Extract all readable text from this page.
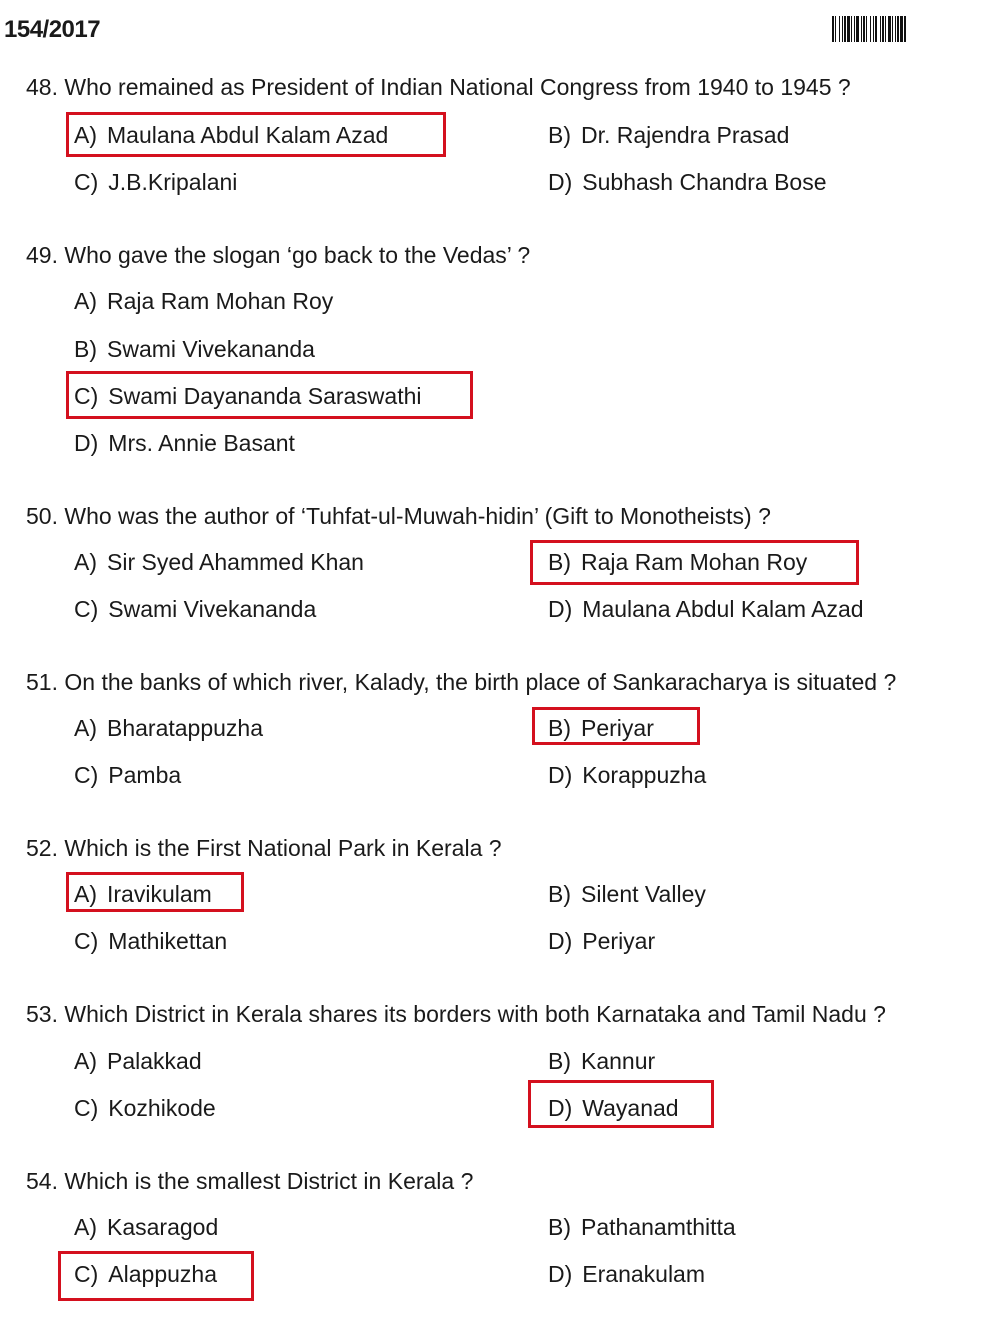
154/2017
48. Who remained as President of Indian National Congress from 1940 to 1945 ?
A) Maulana Abdul Kalam Azad	B) Dr. Rajendra Prasad
C) J.B.Kripalani	D) Subhash Chandra Bose
49. Who gave the slogan ‘go back to the Vedas’ ?
A) Raja Ram Mohan Roy
B) Swami Vivekananda
C) Swami Dayananda Saraswathi
D) Mrs. Annie Basant
50. Who was the author of ‘Tuhfat-ul-Muwah-hidin’ (Gift to Monotheists) ?
A) Sir Syed Ahammed Khan	B) Raja Ram Mohan Roy
C) Swami Vivekananda	D) Maulana Abdul Kalam Azad
51. On the banks of which river, Kalady, the birth place of Sankaracharya is situated ?
A) Bharatappuzha	B) Periyar
C) Pamba	D) Korappuzha
52. Which is the First National Park in Kerala ?
A) Iravikulam	B) Silent Valley
C) Mathikettan	D) Periyar
53. Which District in Kerala shares its borders with both Karnataka and Tamil Nadu ?
A) Palakkad	B) Kannur
C) Kozhikode	D) Wayanad
54. Which is the smallest District in Kerala ?
A) Kasaragod	B) Pathanamthitta
C) Alappuzha	D) Eranakulam
